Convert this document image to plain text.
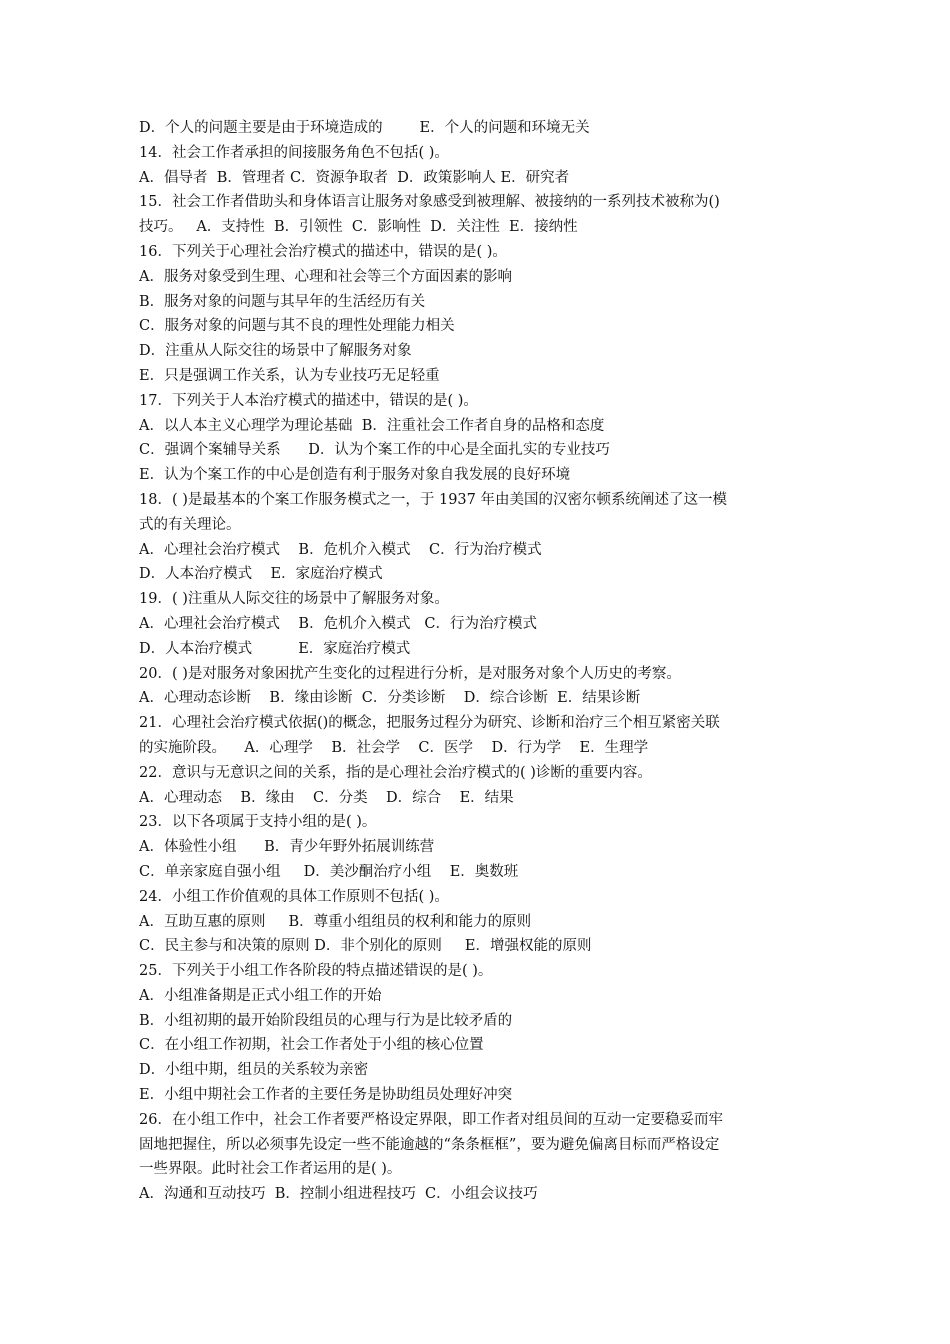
D．个人的问题主要是由于环境造成的        E．个人的问题和环境无关
14．社会工作者承担的间接服务角色不包括( )。
A．倡导者  B．管理者 C．资源争取者  D．政策影响人 E．研究者
15．社会工作者借助头和身体语言让服务对象感受到被理解、被接纳的一系列技术被称为()
技巧。   A．支持性  B．引领性  C．影响性  D．关注性  E．接纳性
16．下列关于心理社会治疗模式的描述中，错误的是( )。
A．服务对象受到生理、心理和社会等三个方面因素的影响
B．服务对象的问题与其早年的生活经历有关
C．服务对象的问题与其不良的理性处理能力相关
D．注重从人际交往的场景中了解服务对象
E．只是强调工作关系，认为专业技巧无足轻重
17．下列关于人本治疗模式的描述中，错误的是( )。
A．以人本主义心理学为理论基础  B．注重社会工作者自身的品格和态度
C．强调个案辅导关系      D．认为个案工作的中心是全面扎实的专业技巧
E．认为个案工作的中心是创造有利于服务对象自我发展的良好环境
18．( )是最基本的个案工作服务模式之一，于 1937 年由美国的汉密尔顿系统阐述了这一模
式的有关理论。
A．心理社会治疗模式    B．危机介入模式    C．行为治疗模式
D．人本治疗模式    E．家庭治疗模式
19．( )注重从人际交往的场景中了解服务对象。
A．心理社会治疗模式    B．危机介入模式   C．行为治疗模式
D．人本治疗模式          E．家庭治疗模式
20．( )是对服务对象困扰产生变化的过程进行分析，是对服务对象个人历史的考察。
A．心理动态诊断    B．缘由诊断  C．分类诊断    D．综合诊断  E．结果诊断
21．心理社会治疗模式依据()的概念，把服务过程分为研究、诊断和治疗三个相互紧密关联
的实施阶段。    A．心理学    B．社会学    C．医学    D．行为学    E．生理学
22．意识与无意识之间的关系，指的是心理社会治疗模式的( )诊断的重要内容。
A．心理动态    B．缘由    C．分类    D．综合    E．结果
23．以下各项属于支持小组的是( )。
A．体验性小组      B．青少年野外拓展训练营
C．单亲家庭自强小组     D．美沙酮治疗小组    E．奥数班
24．小组工作价值观的具体工作原则不包括( )。
A．互助互惠的原则     B．尊重小组组员的权利和能力的原则
C．民主参与和决策的原则 D．非个别化的原则     E．增强权能的原则
25．下列关于小组工作各阶段的特点描述错误的是( )。
A．小组准备期是正式小组工作的开始
B．小组初期的最开始阶段组员的心理与行为是比较矛盾的
C．在小组工作初期，社会工作者处于小组的核心位置
D．小组中期，组员的关系较为亲密
E．小组中期社会工作者的主要任务是协助组员处理好冲突
26．在小组工作中，社会工作者要严格设定界限，即工作者对组员间的互动一定要稳妥而牢
固地把握住，所以必须事先设定一些不能逾越的“条条框框”，要为避免偏离目标而严格设定
一些界限。此时社会工作者运用的是( )。
A．沟通和互动技巧  B．控制小组进程技巧  C．小组会议技巧
